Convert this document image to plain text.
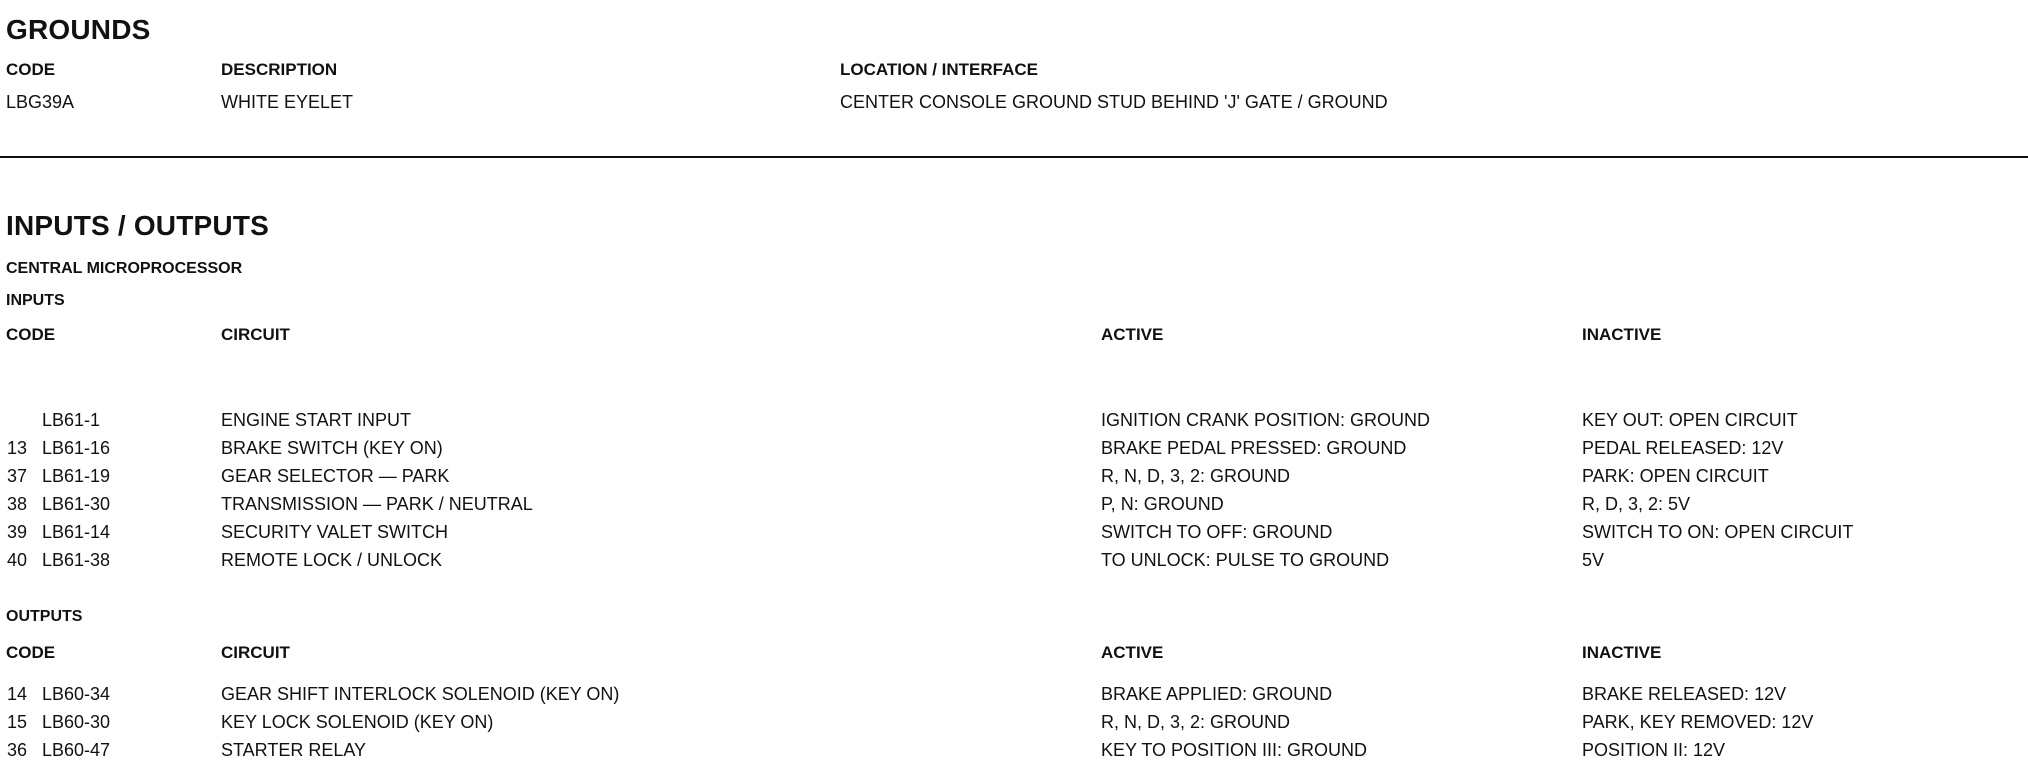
GROUNDS
CODE	DESCRIPTION	LOCATION / INTERFACE
LBG39A	WHITE EYELET	CENTER CONSOLE GROUND STUD BEHIND 'J' GATE / GROUND
INPUTS / OUTPUTS
CENTRAL MICROPROCESSOR
INPUTS
CODE	CIRCUIT	ACTIVE	INACTIVE
LB61-1	ENGINE START INPUT	IGNITION CRANK POSITION: GROUND	KEY OUT: OPEN CIRCUIT
13 LB61-16	BRAKE SWITCH (KEY ON)	BRAKE PEDAL PRESSED: GROUND	PEDAL RELEASED: 12V
37 LB61-19	GEAR SELECTOR — PARK	R, N, D, 3, 2: GROUND	PARK: OPEN CIRCUIT
38 LB61-30	TRANSMISSION — PARK / NEUTRAL	P, N: GROUND	R, D, 3, 2: 5V
39 LB61-14	SECURITY VALET SWITCH	SWITCH TO OFF: GROUND	SWITCH TO ON: OPEN CIRCUIT
40 LB61-38	REMOTE LOCK / UNLOCK	TO UNLOCK: PULSE TO GROUND	5V
OUTPUTS
CODE	CIRCUIT	ACTIVE	INACTIVE
14 LB60-34	GEAR SHIFT INTERLOCK SOLENOID (KEY ON)	BRAKE APPLIED: GROUND	BRAKE RELEASED: 12V
15 LB60-30	KEY LOCK SOLENOID (KEY ON)	R, N, D, 3, 2: GROUND	PARK, KEY REMOVED: 12V
36 LB60-47	STARTER RELAY	KEY TO POSITION III: GROUND	POSITION II: 12V
